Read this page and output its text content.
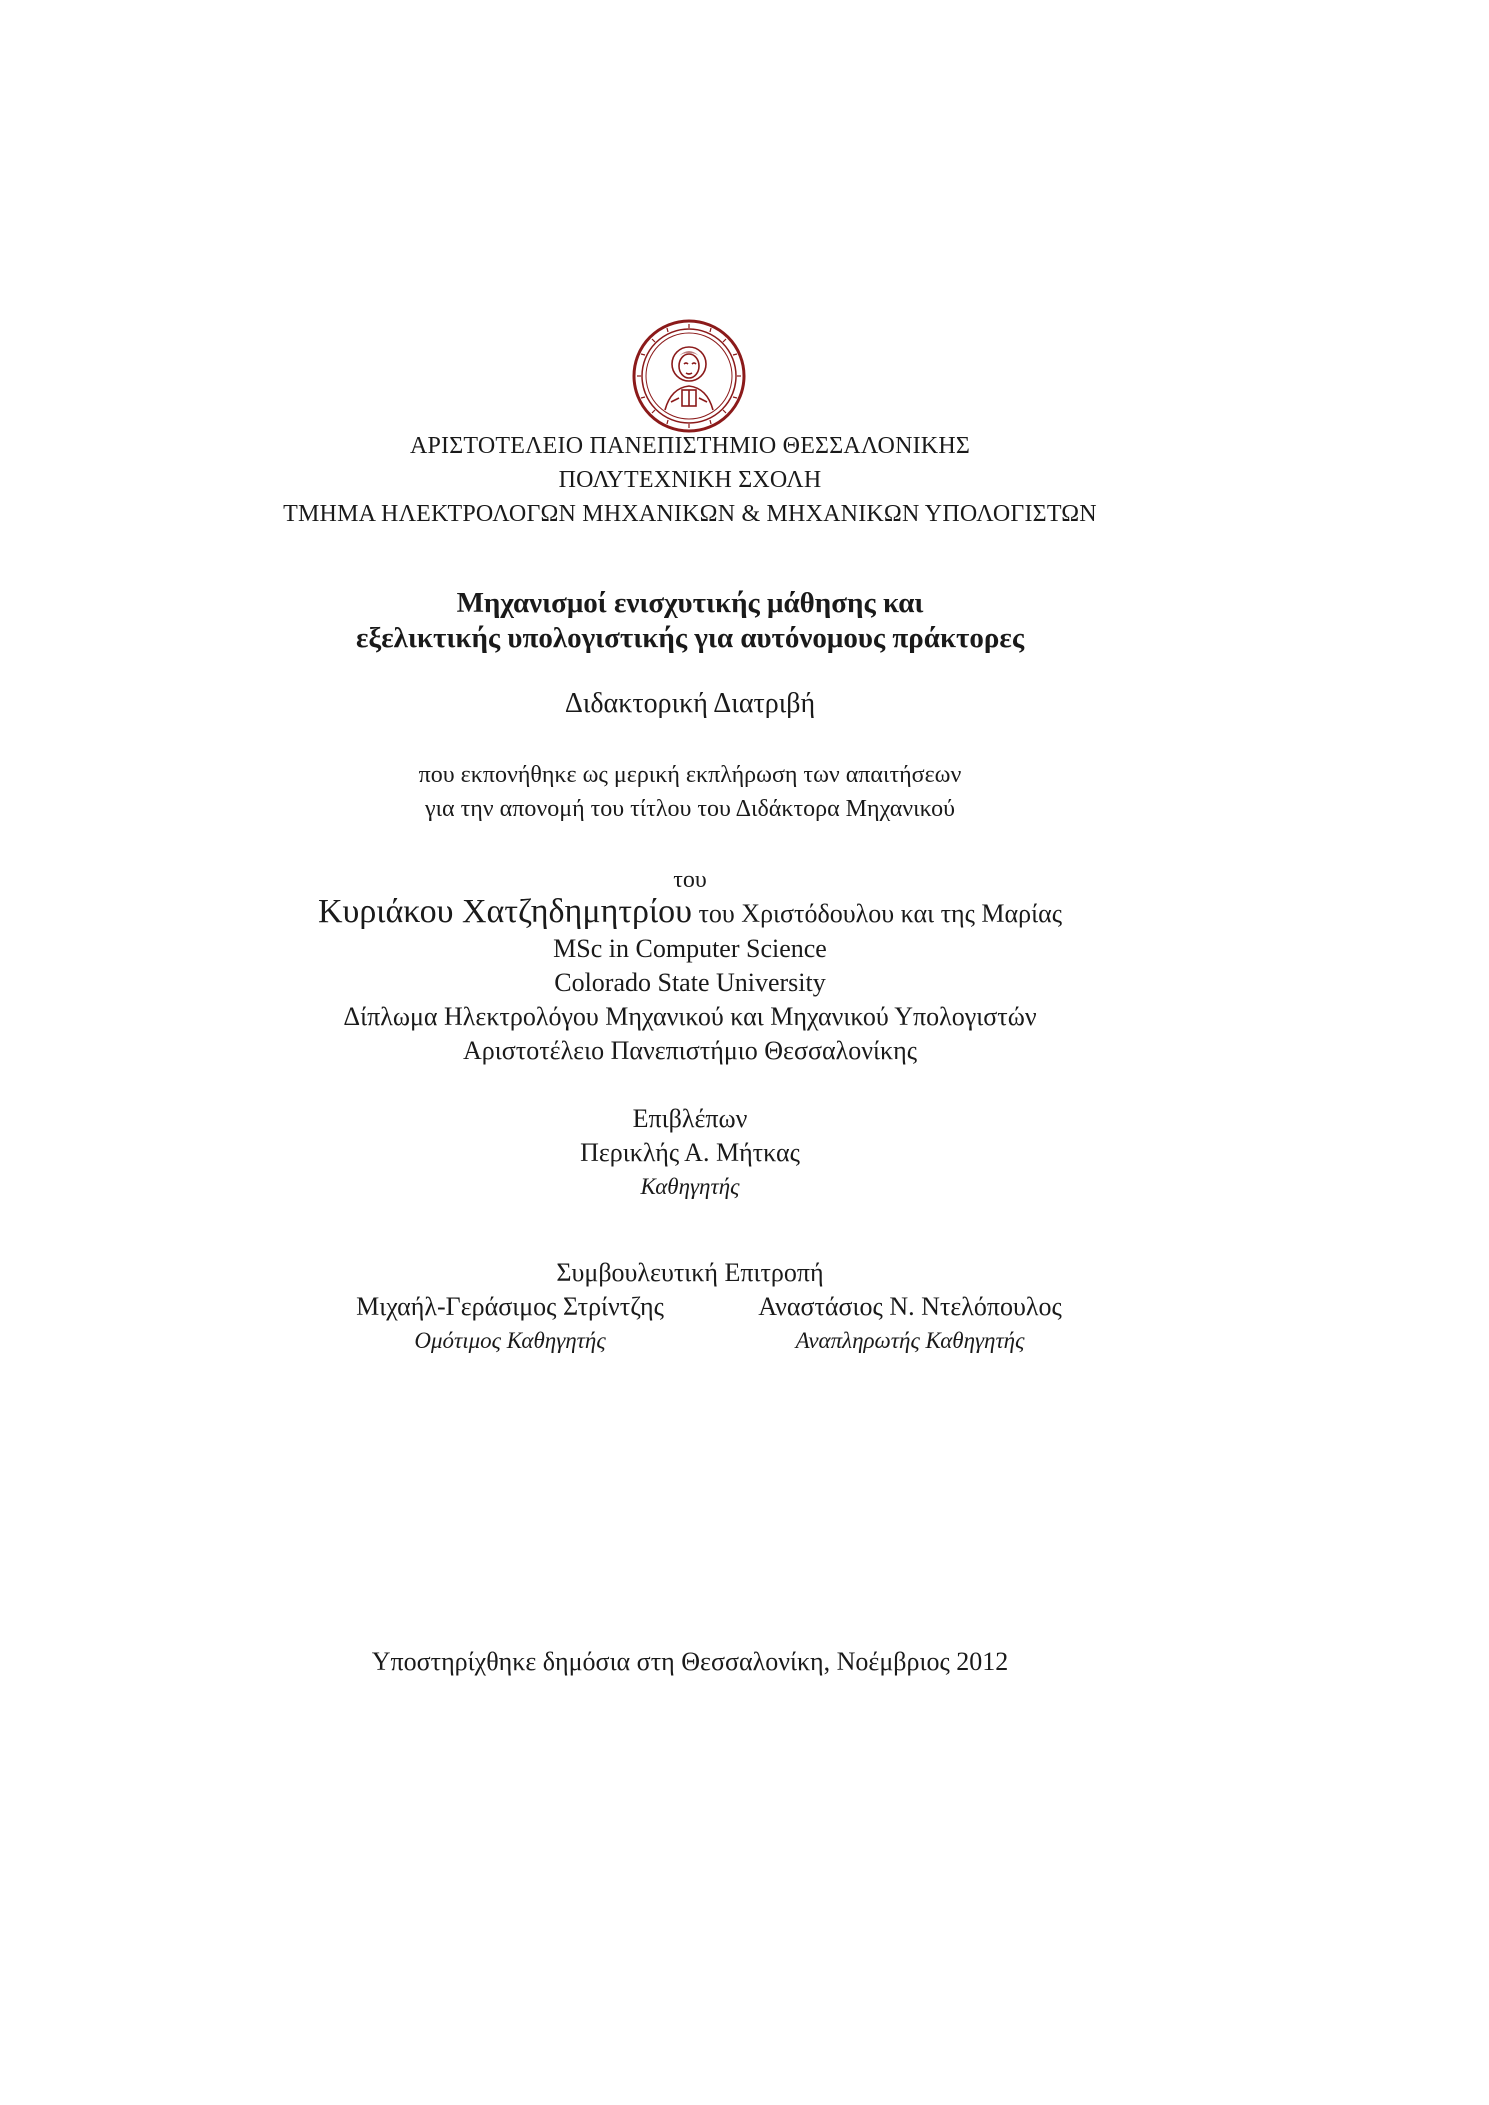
ΑΡΙΣΤΟΤΕΛΕΙΟ ΠΑΝΕΠΙΣΤΗΜΙΟ ΘΕΣΣΑΛΟΝΙΚΗΣ
ΠΟΛΥΤΕΧΝΙΚΗ ΣΧΟΛΗ
ΤΜΗΜΑ ΗΛΕΚΤΡΟΛΟΓΩΝ ΜΗΧΑΝΙΚΩΝ & ΜΗΧΑΝΙΚΩΝ ΥΠΟΛΟΓΙΣΤΩΝ
Μηχανισμοί ενισχυτικής μάθησης και
εξελικτικής υπολογιστικής για αυτόνομους πράκτορες
Διδακτορική Διατριβή
που εκπονήθηκε ως μερική εκπλήρωση των απαιτήσεων
για την απονομή του τίτλου του Διδάκτορα Μηχανικού
του
Κυριάκου Χατζηδημητρίου του Χριστόδουλου και της Μαρίας
MSc in Computer Science
Colorado State University
Δίπλωμα Ηλεκτρολόγου Μηχανικού και Μηχανικού Υπολογιστών
Αριστοτέλειο Πανεπιστήμιο Θεσσαλονίκης
Επιβλέπων
Περικλής Α. Μήτκας
Καθηγητής
Συμβουλευτική Επιτροπή
Μιχαήλ-Γεράσιμος Στρίντζης
Ομότιμος Καθηγητής
Αναστάσιος Ν. Ντελόπουλος
Αναπληρωτής Καθηγητής
Υποστηρίχθηκε δημόσια στη Θεσσαλονίκη, Νοέμβριος 2012
